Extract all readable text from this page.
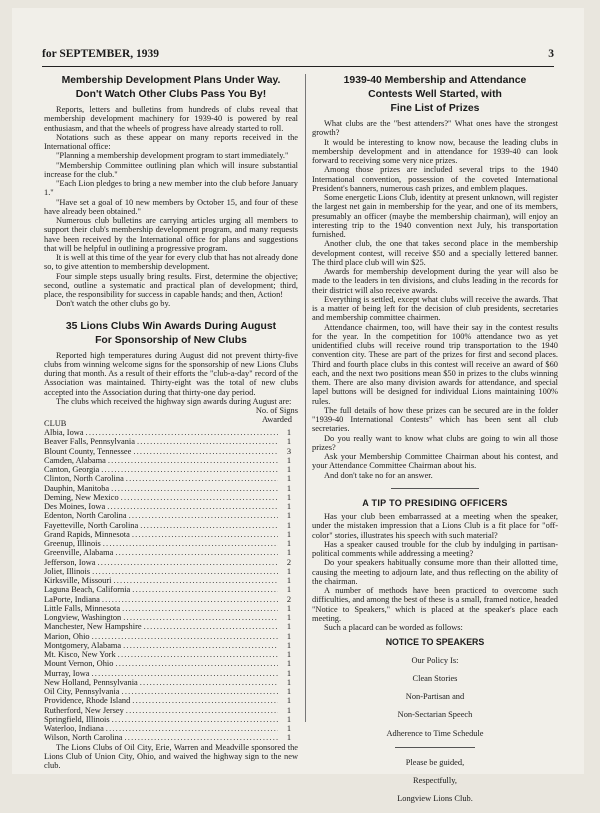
for SEPTEMBER, 1939	3
Membership Development Plans Under Way.
Don't Watch Other Clubs Pass You By!

Reports, letters and bulletins from hundreds of clubs reveal that membership development machinery for 1939-40 is powered by real enthusiasm, and that the wheels of progress have already started to roll.

Notations such as these appear on many reports received in the International office:

"Planning a membership development program to start immediately."

"Membership Committee outlining plan which will insure substantial increase for the club."

"Each Lion pledges to bring a new member into the club before January 1."

"Have set a goal of 10 new members by October 15, and four of these have already been obtained."

Numerous club bulletins are carrying articles urging all members to support their club's membership development program, and many requests have been received by the International office for plans and suggestions that will be helpful in outlining a progressive program.

It is well at this time of the year for every club that has not already done so, to give attention to membership development.

Four simple steps usually bring results. First, determine the objective; second, outline a systematic and practical plan of development; third, place, the responsibility for success in capable hands; and then, Action!

Don't watch the other clubs go by.

35 Lions Clubs Win Awards During August
For Sponsorship of New Clubs

Reported high temperatures during August did not prevent thirty-five clubs from winning welcome signs for the sponsorship of new Lions Clubs during that month. As a result of their efforts the "club-a-day" record of the Association was maintained. Thirty-eight was the total of new clubs accepted into the Association during that thirty-one day period.

The clubs which received the highway sign awards during August are:

CLUB
No. of Signs
Awarded
Albia, Iowa .....	1
Beaver Falls, Pennsylvania .....	1
Blount County, Tennessee .....	3
Camden, Alabama .....	1
Canton, Georgia .....	1
Clinton, North Carolina .....	1
Dauphin, Manitoba .....	1
Deming, New Mexico .....	1
Des Moines, Iowa .....	1
Edenton, North Carolina .....	1
Fayetteville, North Carolina .....	1
Grand Rapids, Minnesota .....	1
Greenup, Illinois .....	1
Greenville, Alabama .....	1
Jefferson, Iowa .....	2
Joliet, Illinois .....	1
Kirksville, Missouri .....	1
Laguna Beach, California .....	1
LaPorte, Indiana .....	2
Little Falls, Minnesota .....	1
Longview, Washington .....	1
Manchester, New Hampshire .....	1
Marion, Ohio .....	1
Montgomery, Alabama .....	1
Mt. Kisco, New York .....	1
Mount Vernon, Ohio .....	1
Murray, Iowa .....	1
New Holland, Pennsylvania .....	1
Oil City, Pennsylvania .....	1
Providence, Rhode Island .....	1
Rutherford, New Jersey .....	1
Springfield, Illinois .....	1
Waterloo, Indiana .....	1
Wilson, North Carolina .....	1

The Lions Clubs of Oil City, Erie, Warren and Meadville sponsored the Lions Club of Union City, Ohio, and waived the highway sign to the new club.

1939-40 Membership and Attendance
Contests Well Started, with
Fine List of Prizes

What clubs are the "best attenders?" What ones have the strongest growth?

It would be interesting to know now, because the leading clubs in membership development and in attendance for 1939-40 can look forward to receiving some very nice prizes.

Among those prizes are included several trips to the 1940 International convention, possession of the coveted International President's banners, numerous cash prizes, and emblem plaques.

Some energetic Lions Club, identity at present unknown, will register the largest net gain in membership for the year, and one of its members, presumably an officer (maybe the membership chairman), will enjoy an interesting trip to the 1940 convention next July, his transportation furnished.

Another club, the one that takes second place in the membership development contest, will receive $50 and a specially lettered banner. The third place club will win $25.

Awards for membership development during the year will also be made to the leaders in ten divisions, and clubs leading in the records for their district will also receive awards.

Everything is settled, except what clubs will receive the awards. That is a matter of being left for the decision of club presidents, secretaries and membership committee chairmen.

Attendance chairmen, too, will have their say in the contest results for the year. In the competition for 100% attendance two as yet unidentified clubs will receive round trip transportation to the 1940 convention city. These are part of the prizes for first and second places. Third and fourth place clubs in this contest will receive an award of $60 each, and the next two positions mean $50 in prizes to the clubs winning them. There are also many division awards for attendance, and special lapel buttons will be designed for individual Lions maintaining 100% rules.

The full details of how these prizes can be secured are in the folder "1939-40 International Contests" which has been sent all club secretaries.

Do you really want to know what clubs are going to win all those prizes?

Ask your Membership Committee Chairman about his contest, and your Attendance Committee Chairman about his.

And don't take no for an answer.

A TIP TO PRESIDING OFFICERS

Has your club been embarrassed at a meeting when the speaker, under the mistaken impression that a Lions Club is a fit place for "off-color" stories, illustrates his speech with such material?

Has a speaker caused trouble for the club by indulging in partisan-political comments while addressing a meeting?

Do your speakers habitually consume more than their allotted time, causing the meeting to adjourn late, and thus reflecting on the ability of the chairman.

A number of methods have been practiced to overcome such difficulties, and among the best of these is a small, framed notice, headed "Notice to Speakers," which is placed at the speaker's place each meeting.

Such a placard can be worded as follows:

NOTICE TO SPEAKERS
Our Policy Is:
Clean Stories
Non-Partisan and
Non-Sectarian Speech
Adherence to Time Schedule
Please be guided,
Respectfully,
Longview Lions Club.
